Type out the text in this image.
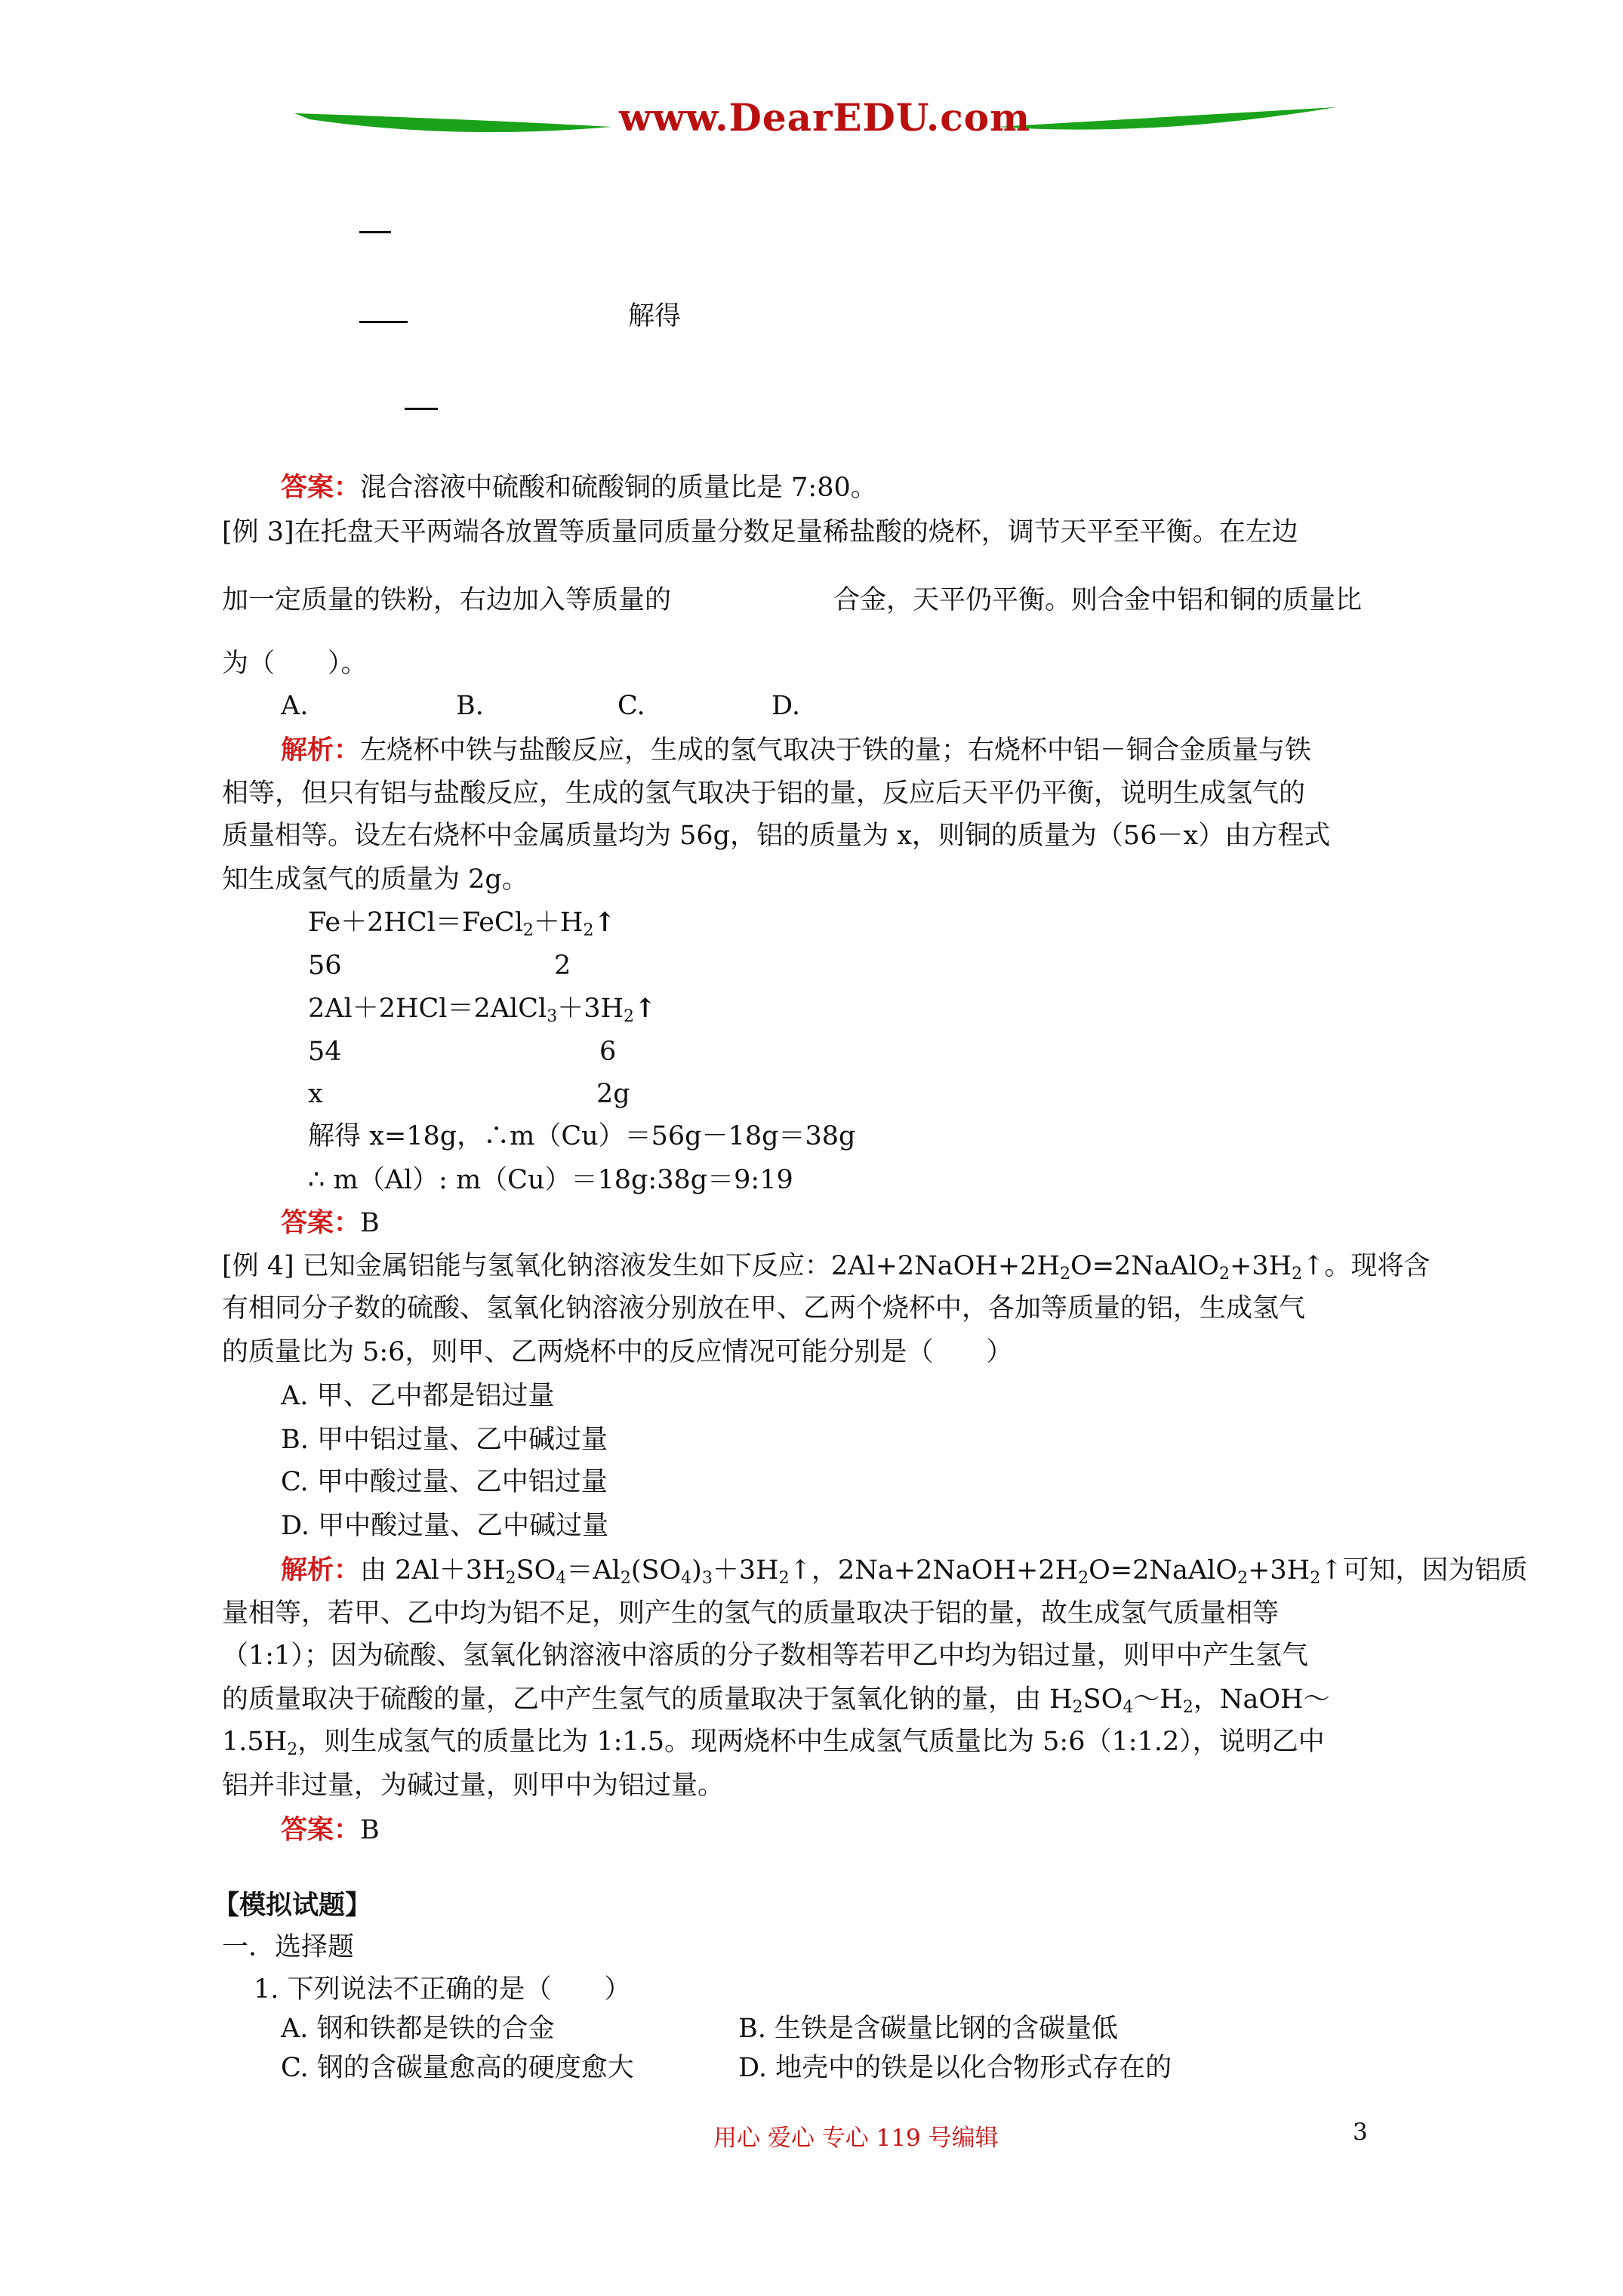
www.DearEDU.com
解得
答案：混合溶液中硫酸和硫酸铜的质量比是 7:80。
[例 3]在托盘天平两端各放置等质量同质量分数足量稀盐酸的烧杯，调节天平至平衡。在左边
加一定质量的铁粉，右边加入等质量的	合金，天平仍平衡。则合金中铝和铜的质量比
为（　　）。
A.	B.	C.	D.
解析：左烧杯中铁与盐酸反应，生成的氢气取决于铁的量；右烧杯中铝－铜合金质量与铁
相等，但只有铝与盐酸反应，生成的氢气取决于铝的量，反应后天平仍平衡，说明生成氢气的
质量相等。设左右烧杯中金属质量均为 56g，铝的质量为 x，则铜的质量为（56－x）由方程式
知生成氢气的质量为 2g。
$Fe+2HCl=FeCl_2+H_2↑$
56	2
$2Al+2HCl=2AlCl_3+3H_2↑$
54	6
x	2g
解得 x=18g，∴m（Cu）＝56g－18g＝38g
∴ m（Al）: m（Cu）＝18g:38g＝9:19
答案：B
[例 4] 已知金属铝能与氢氧化钠溶液发生如下反应：$2Al+2NaOH+2H_2O=2NaAlO_2+3H_2↑$。现将含
有相同分子数的硫酸、氢氧化钠溶液分别放在甲、乙两个烧杯中，各加等质量的铝，生成氢气
的质量比为 5:6，则甲、乙两烧杯中的反应情况可能分别是（　　）
A. 甲、乙中都是铝过量
B. 甲中铝过量、乙中碱过量
C. 甲中酸过量、乙中铝过量
D. 甲中酸过量、乙中碱过量
解析：由 $2Al+3H_2SO_4=Al_2(SO_4)_3+3H_2↑$，$2Na+2NaOH+2H_2O=2NaAlO_2+3H_2↑$可知，因为铝质
量相等，若甲、乙中均为铝不足，则产生的氢气的质量取决于铝的量，故生成氢气质量相等
（1:1）；因为硫酸、氢氧化钠溶液中溶质的分子数相等若甲乙中均为铝过量，则甲中产生氢气
的质量取决于硫酸的量，乙中产生氢气的质量取决于氢氧化钠的量，由 $H_2SO_4\sim H_2$，NaOH～
$1.5H_2$，则生成氢气的质量比为 1:1.5。现两烧杯中生成氢气质量比为 5:6（1:1.2），说明乙中
铝并非过量，为碱过量，则甲中为铝过量。
答案：B
【模拟试题】
一．选择题
1. 下列说法不正确的是（　　）
A. 钢和铁都是铁的合金	B. 生铁是含碳量比钢的含碳量低
C. 钢的含碳量愈高的硬度愈大	D. 地壳中的铁是以化合物形式存在的
用心 爱心 专心 119 号编辑	3
